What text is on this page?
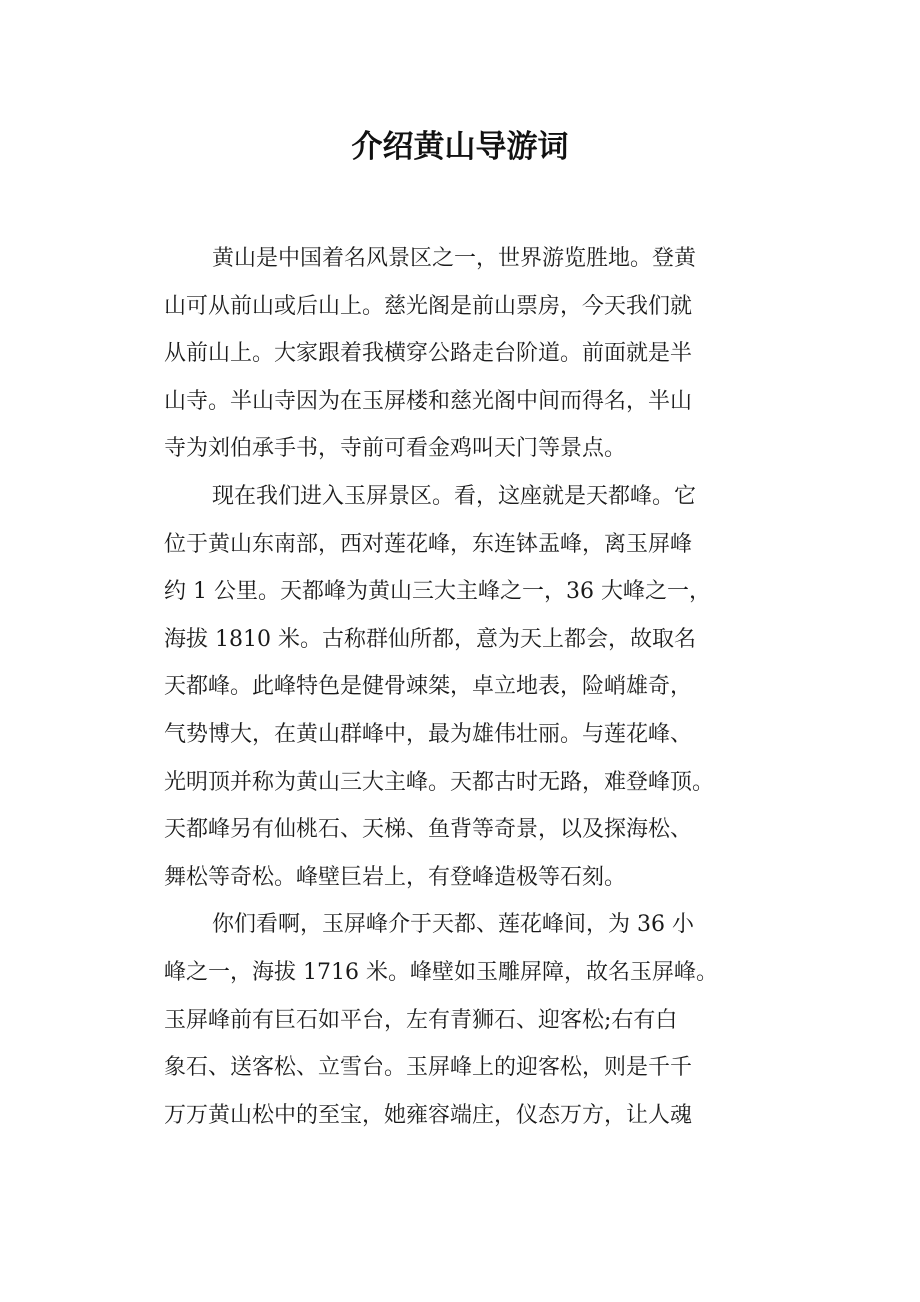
介绍黄山导游词
黄山是中国着名风景区之一，世界游览胜地。登黄
山可从前山或后山上。慈光阁是前山票房，今天我们就
从前山上。大家跟着我横穿公路走台阶道。前面就是半
山寺。半山寺因为在玉屏楼和慈光阁中间而得名，半山
寺为刘伯承手书，寺前可看金鸡叫天门等景点。
现在我们进入玉屏景区。看，这座就是天都峰。它
位于黄山东南部，西对莲花峰，东连钵盂峰，离玉屏峰
约 1 公里。天都峰为黄山三大主峰之一，36 大峰之一，
海拔 1810 米。古称群仙所都，意为天上都会，故取名
天都峰。此峰特色是健骨竦桀，卓立地表，险峭雄奇，
气势博大，在黄山群峰中，最为雄伟壮丽。与莲花峰、
光明顶并称为黄山三大主峰。天都古时无路，难登峰顶。
天都峰另有仙桃石、天梯、鱼背等奇景，以及探海松、
舞松等奇松。峰壁巨岩上，有登峰造极等石刻。
你们看啊，玉屏峰介于天都、莲花峰间，为 36 小
峰之一，海拔 1716 米。峰壁如玉雕屏障，故名玉屏峰。
玉屏峰前有巨石如平台，左有青狮石、迎客松;右有白
象石、送客松、立雪台。玉屏峰上的迎客松，则是千千
万万黄山松中的至宝，她雍容端庄，仪态万方，让人魂
